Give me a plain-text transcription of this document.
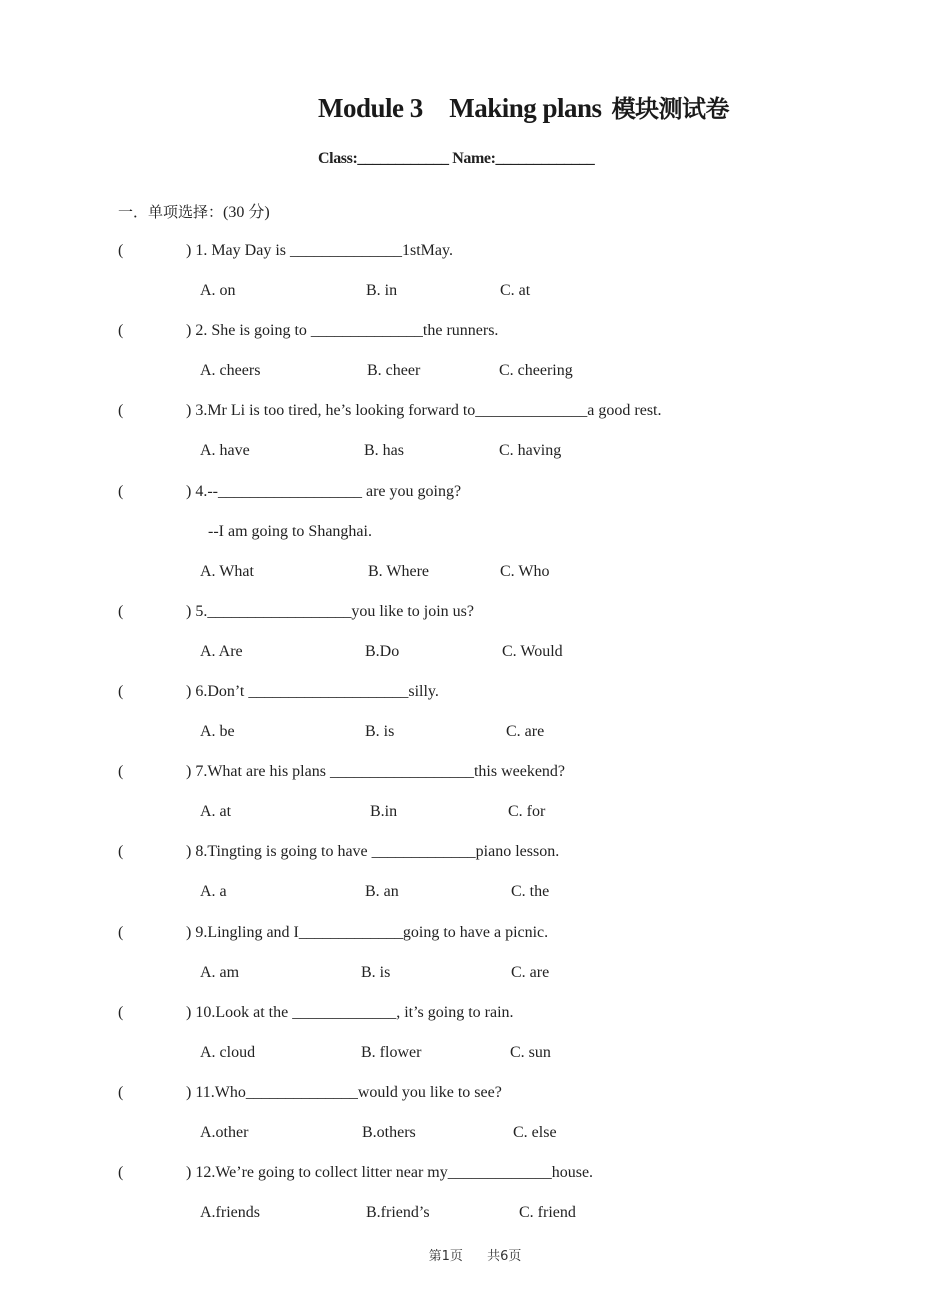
Module 3　Making plans 模块测试卷
Class:____________ Name:_____________
一．单项选择：(30 分)
(	) 1. May Day is ______________1stMay.
A. on	B. in	C. at
(	) 2. She is going to ______________the runners.
A. cheers	B. cheer	C. cheering
(	) 3.Mr Li is too tired, he’s looking forward to______________a good rest.
A. have	B. has	C. having
(	) 4.--__________________ are you going?
--I am going to Shanghai.
A. What	B. Where	C. Who
(	) 5.__________________you like to join us?
A. Are	B.Do	C. Would
(	) 6.Don’t ____________________silly.
A. be	B. is	C. are
(	) 7.What are his plans __________________this weekend?
A. at	B.in	C. for
(	) 8.Tingting is going to have _____________piano lesson.
A. a	B. an	C. the
(	) 9.Lingling and I_____________going to have a picnic.
A. am	B. is	C. are
(	) 10.Look at the _____________, it’s going to rain.
A. cloud	B. flower	C. sun
(	) 11.Who______________would you like to see?
A.other	B.others	C. else
(	) 12.We’re going to collect litter near my_____________house.
A.friends	B.friend’s	C. friend
第1页 共6页
